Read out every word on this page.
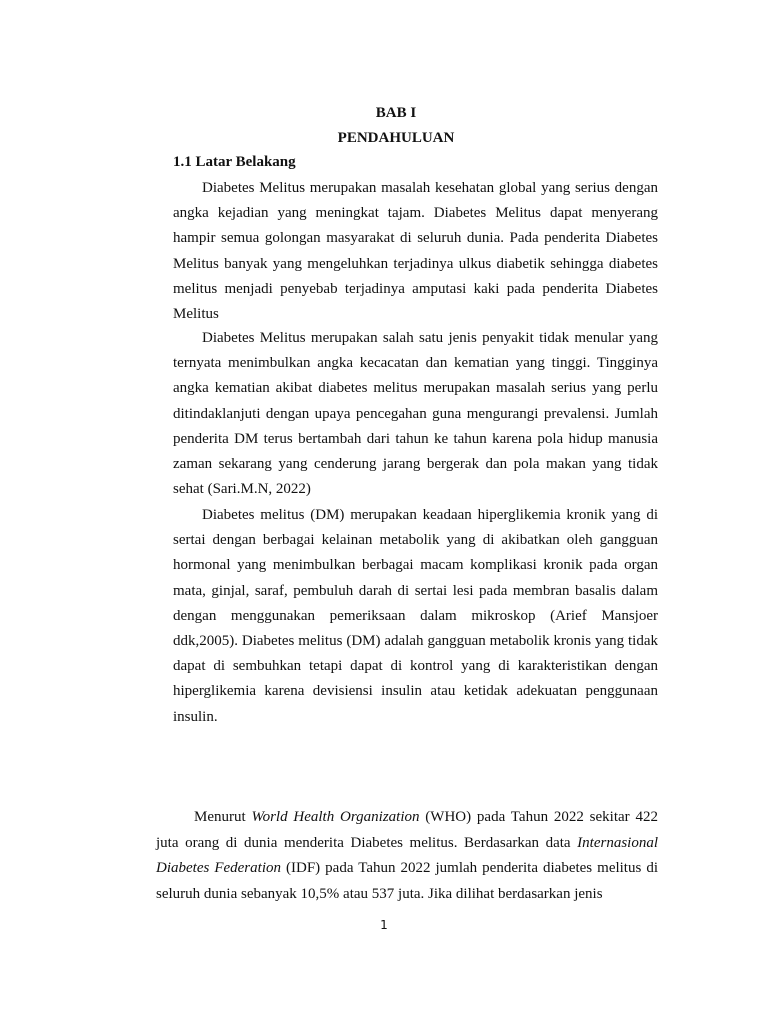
BAB I

PENDAHULUAN

1.1 Latar Belakang

Diabetes Melitus merupakan masalah kesehatan global yang serius dengan angka kejadian yang meningkat tajam. Diabetes Melitus dapat menyerang hampir semua golongan masyarakat di seluruh dunia. Pada penderita Diabetes Melitus banyak yang mengeluhkan terjadinya ulkus diabetik sehingga diabetes melitus menjadi penyebab terjadinya amputasi kaki pada penderita Diabetes Melitus

Diabetes Melitus merupakan salah satu jenis penyakit tidak menular yang ternyata menimbulkan angka kecacatan dan kematian yang tinggi. Tingginya angka kematian akibat diabetes melitus merupakan masalah serius yang perlu ditindaklanjuti dengan upaya pencegahan guna mengurangi prevalensi. Jumlah penderita DM terus bertambah dari tahun ke tahun karena pola hidup manusia zaman sekarang yang cenderung jarang bergerak dan pola makan yang tidak sehat (Sari.M.N, 2022)

Diabetes melitus (DM) merupakan keadaan hiperglikemia kronik yang di sertai dengan berbagai kelainan metabolik yang di akibatkan oleh gangguan hormonal yang menimbulkan berbagai macam komplikasi kronik pada organ mata, ginjal, saraf, pembuluh darah di sertai lesi pada membran basalis dalam dengan menggunakan pemeriksaan dalam mikroskop (Arief Mansjoer ddk,2005). Diabetes melitus (DM) adalah gangguan metabolik kronis yang tidak dapat di sembuhkan tetapi dapat di kontrol yang di karakteristikan dengan hiperglikemia karena devisiensi insulin atau ketidak adekuatan penggunaan insulin.

Menurut World Health Organization (WHO) pada Tahun 2022 sekitar 422 juta orang di dunia menderita Diabetes melitus. Berdasarkan data Internasional Diabetes Federation (IDF) pada Tahun 2022 jumlah penderita diabetes melitus di seluruh dunia sebanyak 10,5% atau 537 juta. Jika dilihat berdasarkan jenis

1
